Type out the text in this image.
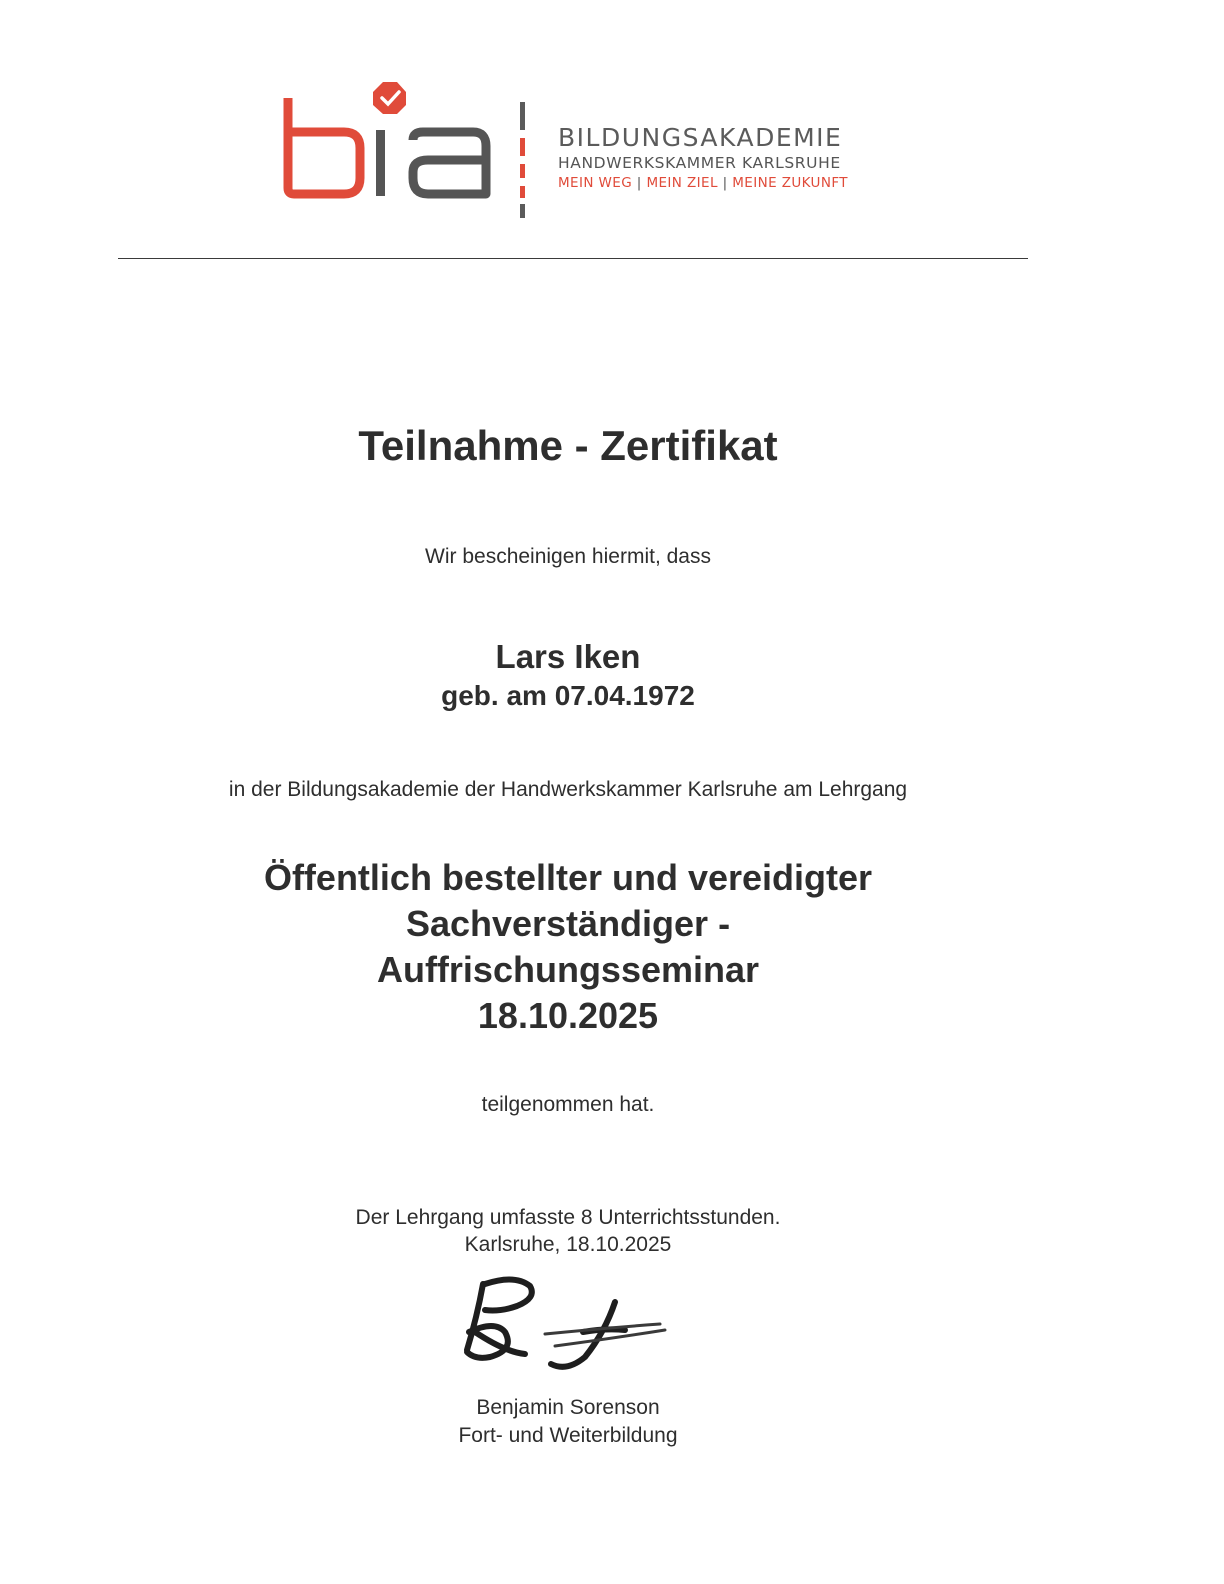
BILDUNGSAKADEMIE
HANDWERKSKAMMER KARLSRUHE
MEIN WEG | MEIN ZIEL | MEINE ZUKUNFT
Teilnahme - Zertifikat
Wir bescheinigen hiermit, dass
Lars Iken
geb. am 07.04.1972
in der Bildungsakademie der Handwerkskammer Karlsruhe am Lehrgang
Öffentlich bestellter und vereidigter
Sachverständiger -
Auffrischungsseminar
18.10.2025
teilgenommen hat.
Der Lehrgang umfasste 8 Unterrichtsstunden.
Karlsruhe, 18.10.2025
Benjamin Sorenson
Fort- und Weiterbildung
